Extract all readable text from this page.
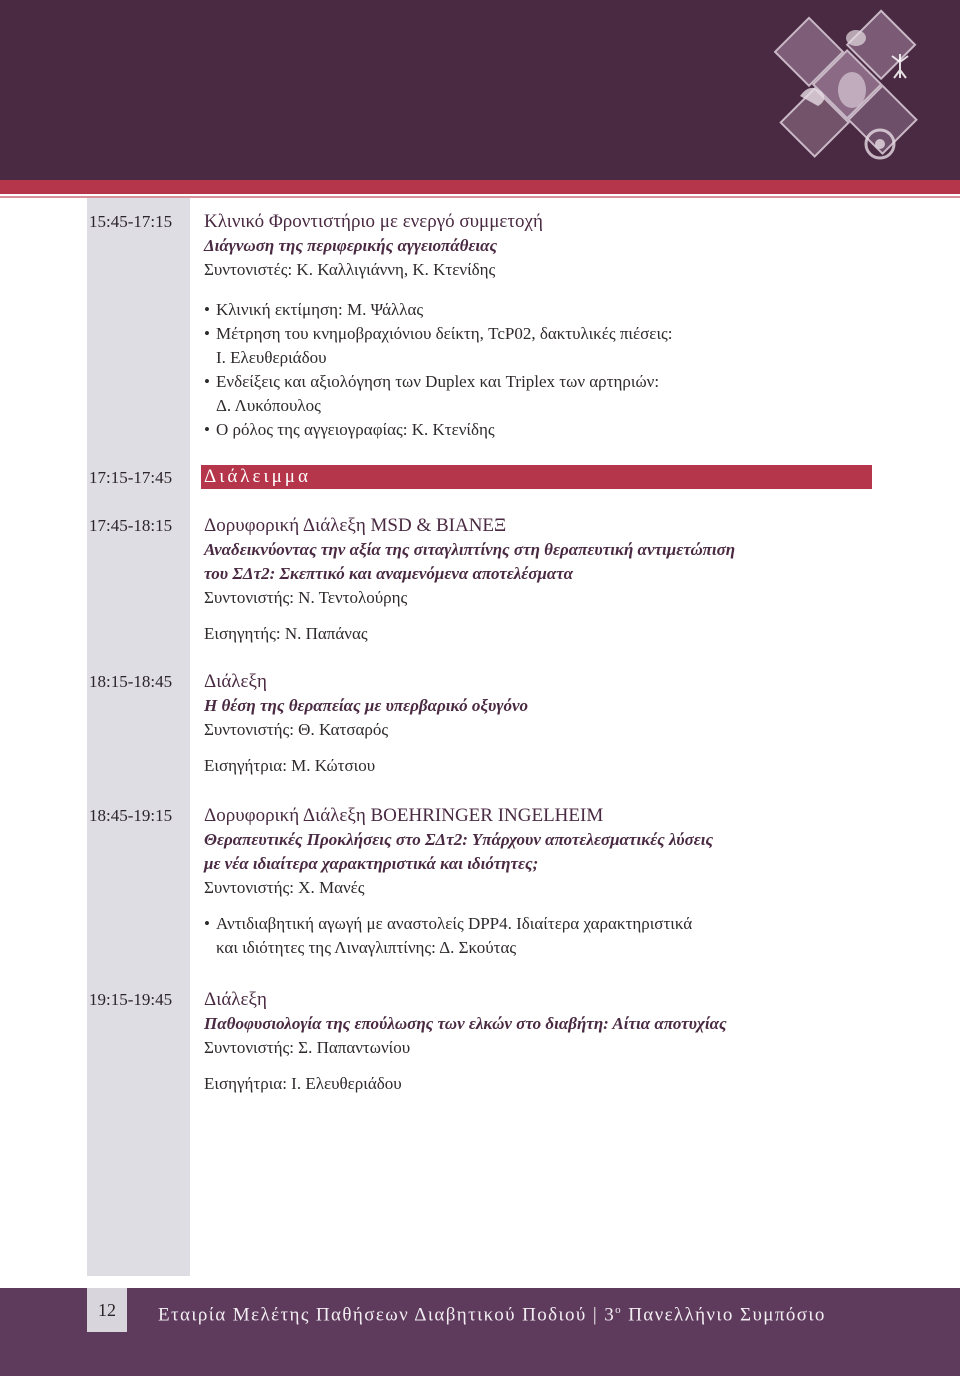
15:45-17:15	Κλινικό Φροντιστήριο με ενεργό συμμετοχή
Διάγνωση της περιφερικής αγγειοπάθειας
Συντονιστές: Κ. Καλλιγιάννη, Κ. Κτενίδης
• Κλινική εκτίμηση: Μ. Ψάλλας
• Μέτρηση του κνημοβραχιόνιου δείκτη, TcP02, δακτυλικές πιέσεις:
Ι. Ελευθεριάδου
• Ενδείξεις και αξιολόγηση των Duplex και Triplex των αρτηριών:
Δ. Λυκόπουλος
• Ο ρόλος της αγγειογραφίας: Κ. Κτενίδης
17:15-17:45	Διάλειμμα
17:45-18:15	Δορυφορική Διάλεξη MSD & ΒΙΑΝΕΞ
Αναδεικνύοντας την αξία της σιταγλιπτίνης στη θεραπευτική αντιμετώπιση
του ΣΔτ2: Σκεπτικό και αναμενόμενα αποτελέσματα
Συντονιστής: Ν. Τεντολούρης
Εισηγητής: Ν. Παπάνας
18:15-18:45	Διάλεξη
Η θέση της θεραπείας με υπερβαρικό οξυγόνο
Συντονιστής: Θ. Κατσαρός
Εισηγήτρια: Μ. Κώτσιου
18:45-19:15	Δορυφορική Διάλεξη BOEHRINGER INGELHEIM
Θεραπευτικές Προκλήσεις στο ΣΔτ2: Υπάρχουν αποτελεσματικές λύσεις
με νέα ιδιαίτερα χαρακτηριστικά και ιδιότητες;
Συντονιστής: Χ. Μανές
• Αντιδιαβητική αγωγή με αναστολείς DPP4. Ιδιαίτερα χαρακτηριστικά
και ιδιότητες της Λιναγλιπτίνης: Δ. Σκούτας
19:15-19:45	Διάλεξη
Παθοφυσιολογία της επούλωσης των ελκών στο διαβήτη: Αίτια αποτυχίας
Συντονιστής: Σ. Παπαντωνίου
Εισηγήτρια: Ι. Ελευθεριάδου
12	Εταιρία Μελέτης Παθήσεων Διαβητικού Ποδιού | $3^o$ Πανελλήνιο Συμπόσιο
